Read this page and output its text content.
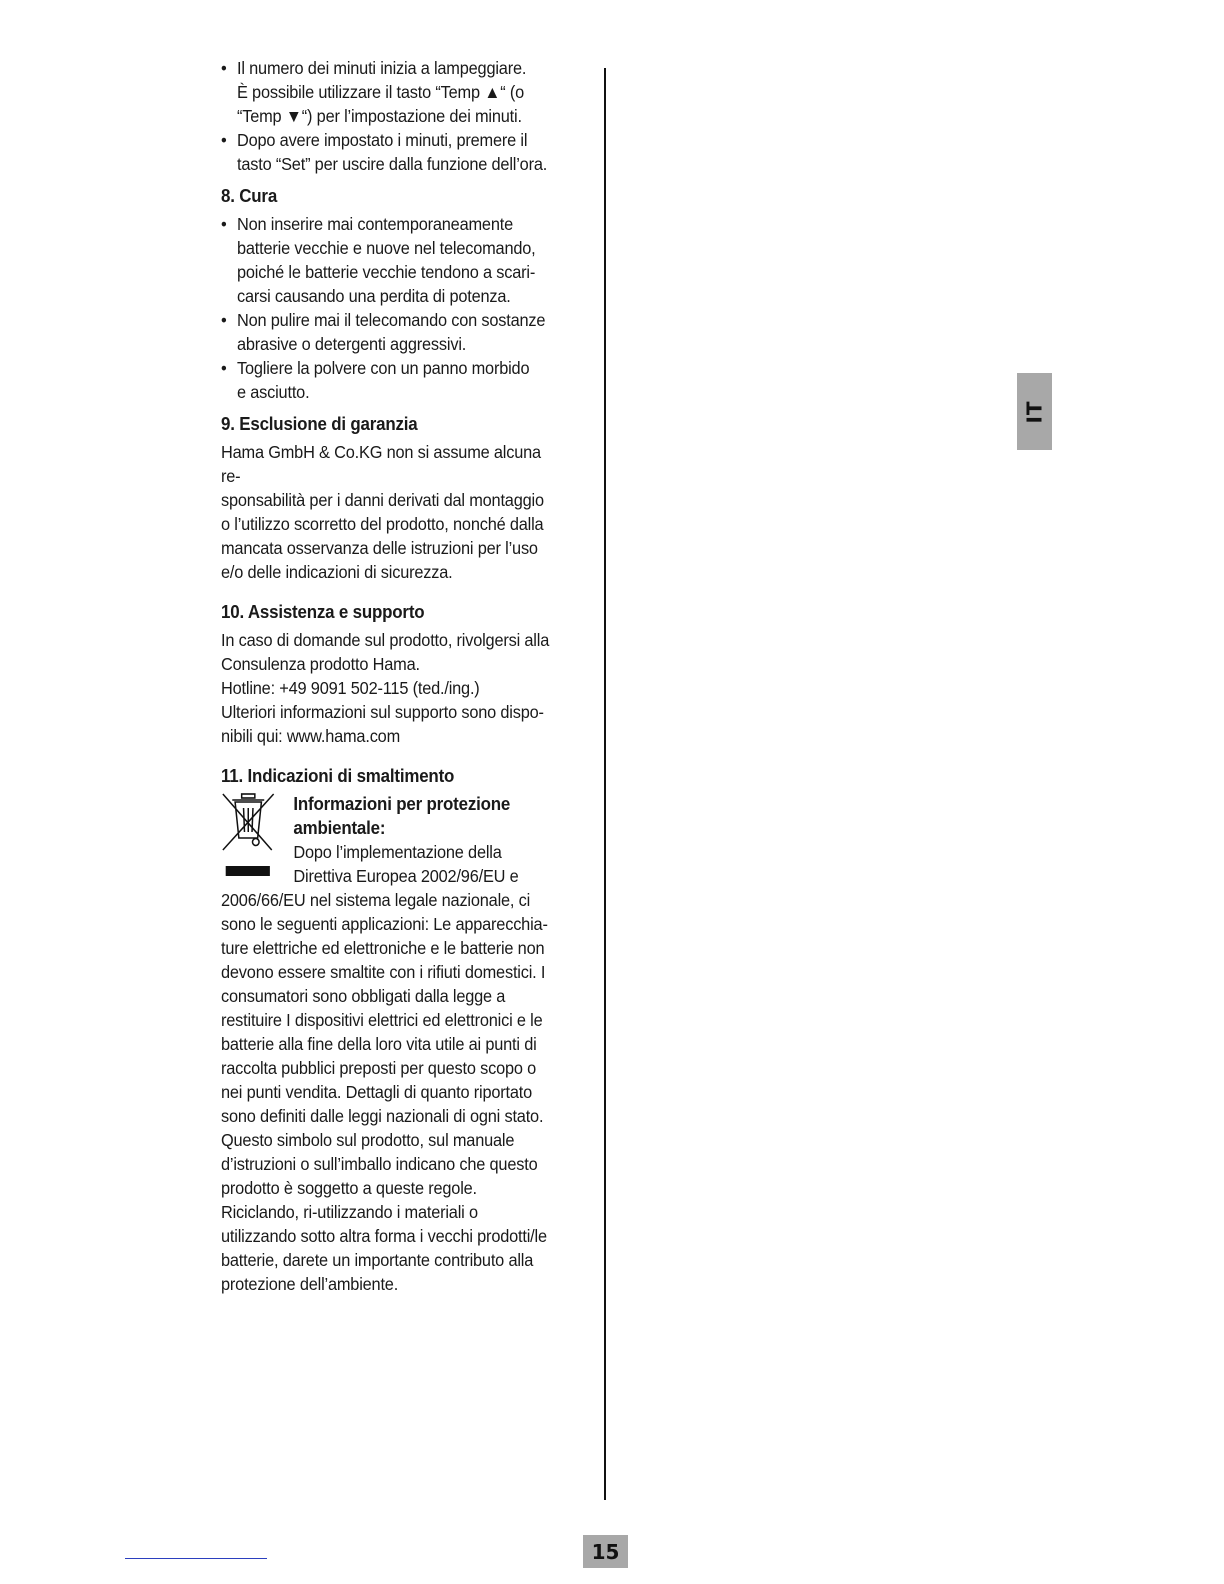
• Il numero dei minuti inizia a lampeggiare.
È possibile utilizzare il tasto “Temp ▲“ (o
“Temp ▼“) per l’impostazione dei minuti.
• Dopo avere impostato i minuti, premere il
tasto “Set” per uscire dalla funzione dell’ora.
8. Cura
• Non inserire mai contemporaneamente
batterie vecchie e nuove nel telecomando,
poiché le batterie vecchie tendono a scari-
carsi causando una perdita di potenza.
• Non pulire mai il telecomando con sostanze
abrasive o detergenti aggressivi.
• Togliere la polvere con un panno morbido
e asciutto.
9. Esclusione di garanzia

Hama GmbH & Co.KG non si assume alcuna re-
sponsabilità per i danni derivati dal montaggio
o l’utilizzo scorretto del prodotto, nonché dalla
mancata osservanza delle istruzioni per l’uso
e/o delle indicazioni di sicurezza.

10. Assistenza e supporto

In caso di domande sul prodotto, rivolgersi alla
Consulenza prodotto Hama.
Hotline: +49 9091 502-115 (ted./ing.)
Ulteriori informazioni sul supporto sono dispo-
nibili qui: www.hama.com

11. Indicazioni di smaltimento
Informazioni per protezione
ambientale:
Dopo l’implementazione della
Direttiva Europea 2002/96/EU e

2006/66/EU nel sistema legale nazionale, ci
sono le seguenti applicazioni: Le apparecchia-
ture elettriche ed elettroniche e le batterie non
devono essere smaltite con i rifiuti domestici. I
consumatori sono obbligati dalla legge a
restituire I dispositivi elettrici ed elettronici e le
batterie alla fine della loro vita utile ai punti di
raccolta pubblici preposti per questo scopo o
nei punti vendita. Dettagli di quanto riportato
sono definiti dalle leggi nazionali di ogni stato.
Questo simbolo sul prodotto, sul manuale
d’istruzioni o sull’imballo indicano che questo
prodotto è soggetto a queste regole.
Riciclando, ri-utilizzando i materiali o
utilizzando sotto altra forma i vecchi prodotti/le
batterie, darete un importante contributo alla
protezione dell’ambiente.

IT
15
